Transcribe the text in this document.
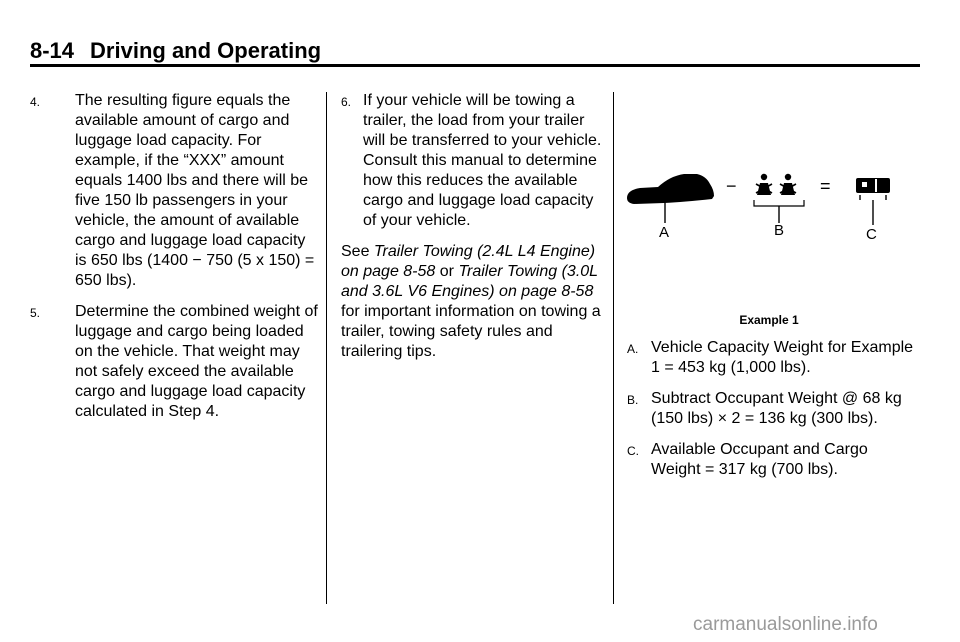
8-14 Driving and Operating
4. The resulting figure equals the available amount of cargo and luggage load capacity. For example, if the “XXX” amount equals 1400 lbs and there will be five 150 lb passengers in your vehicle, the amount of available cargo and luggage load capacity is 650 lbs (1400 − 750 (5 x 150) = 650 lbs).
5. Determine the combined weight of luggage and cargo being loaded on the vehicle. That weight may not safely exceed the available cargo and luggage load capacity calculated in Step 4.
6. If your vehicle will be towing a trailer, the load from your trailer will be transferred to your vehicle. Consult this manual to determine how this reduces the available cargo and luggage load capacity of your vehicle.

See Trailer Towing (2.4L L4 Engine) on page 8-58 or Trailer Towing (3.0L and 3.6L V6 Engines) on page 8-58 for important information on towing a trailer, towing safety rules and trailering tips.

−	=
A	B	C
Example 1
A. Vehicle Capacity Weight for Example 1 = 453 kg (1,000 lbs).
B. Subtract Occupant Weight @ 68 kg (150 lbs) × 2 = 136 kg (300 lbs).
C. Available Occupant and Cargo Weight = 317 kg (700 lbs).
carmanualsonline.info
